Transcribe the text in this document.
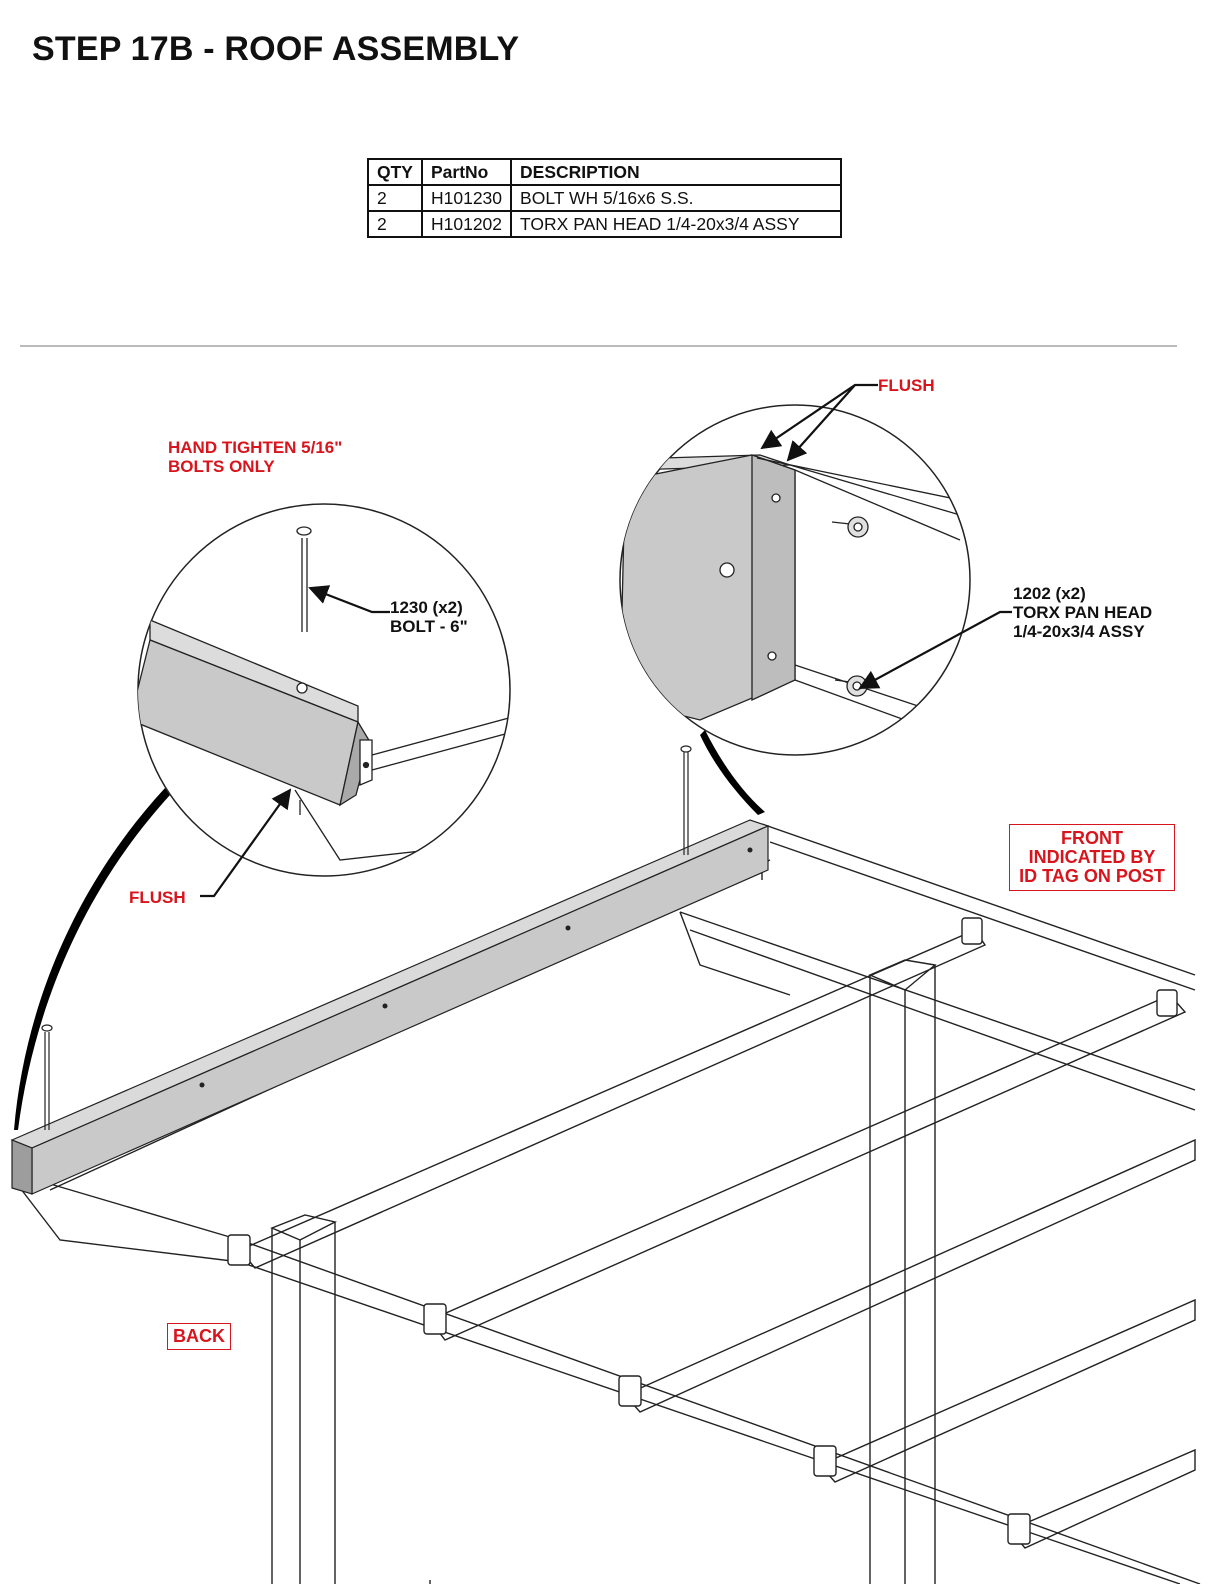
STEP 17B - ROOF ASSEMBLY
QTY	PartNo	DESCRIPTION
2	H101230	BOLT WH 5/16x6 S.S.
2	H101202	TORX PAN HEAD 1/4-20x3/4 ASSY
HAND TIGHTEN 5/16"
BOLTS ONLY
1230 (x2)
BOLT - 6"
FLUSH
FLUSH
1202 (x2)
TORX PAN HEAD
1/4-20x3/4 ASSY
FRONT
INDICATED BY
ID TAG ON POST
BACK
